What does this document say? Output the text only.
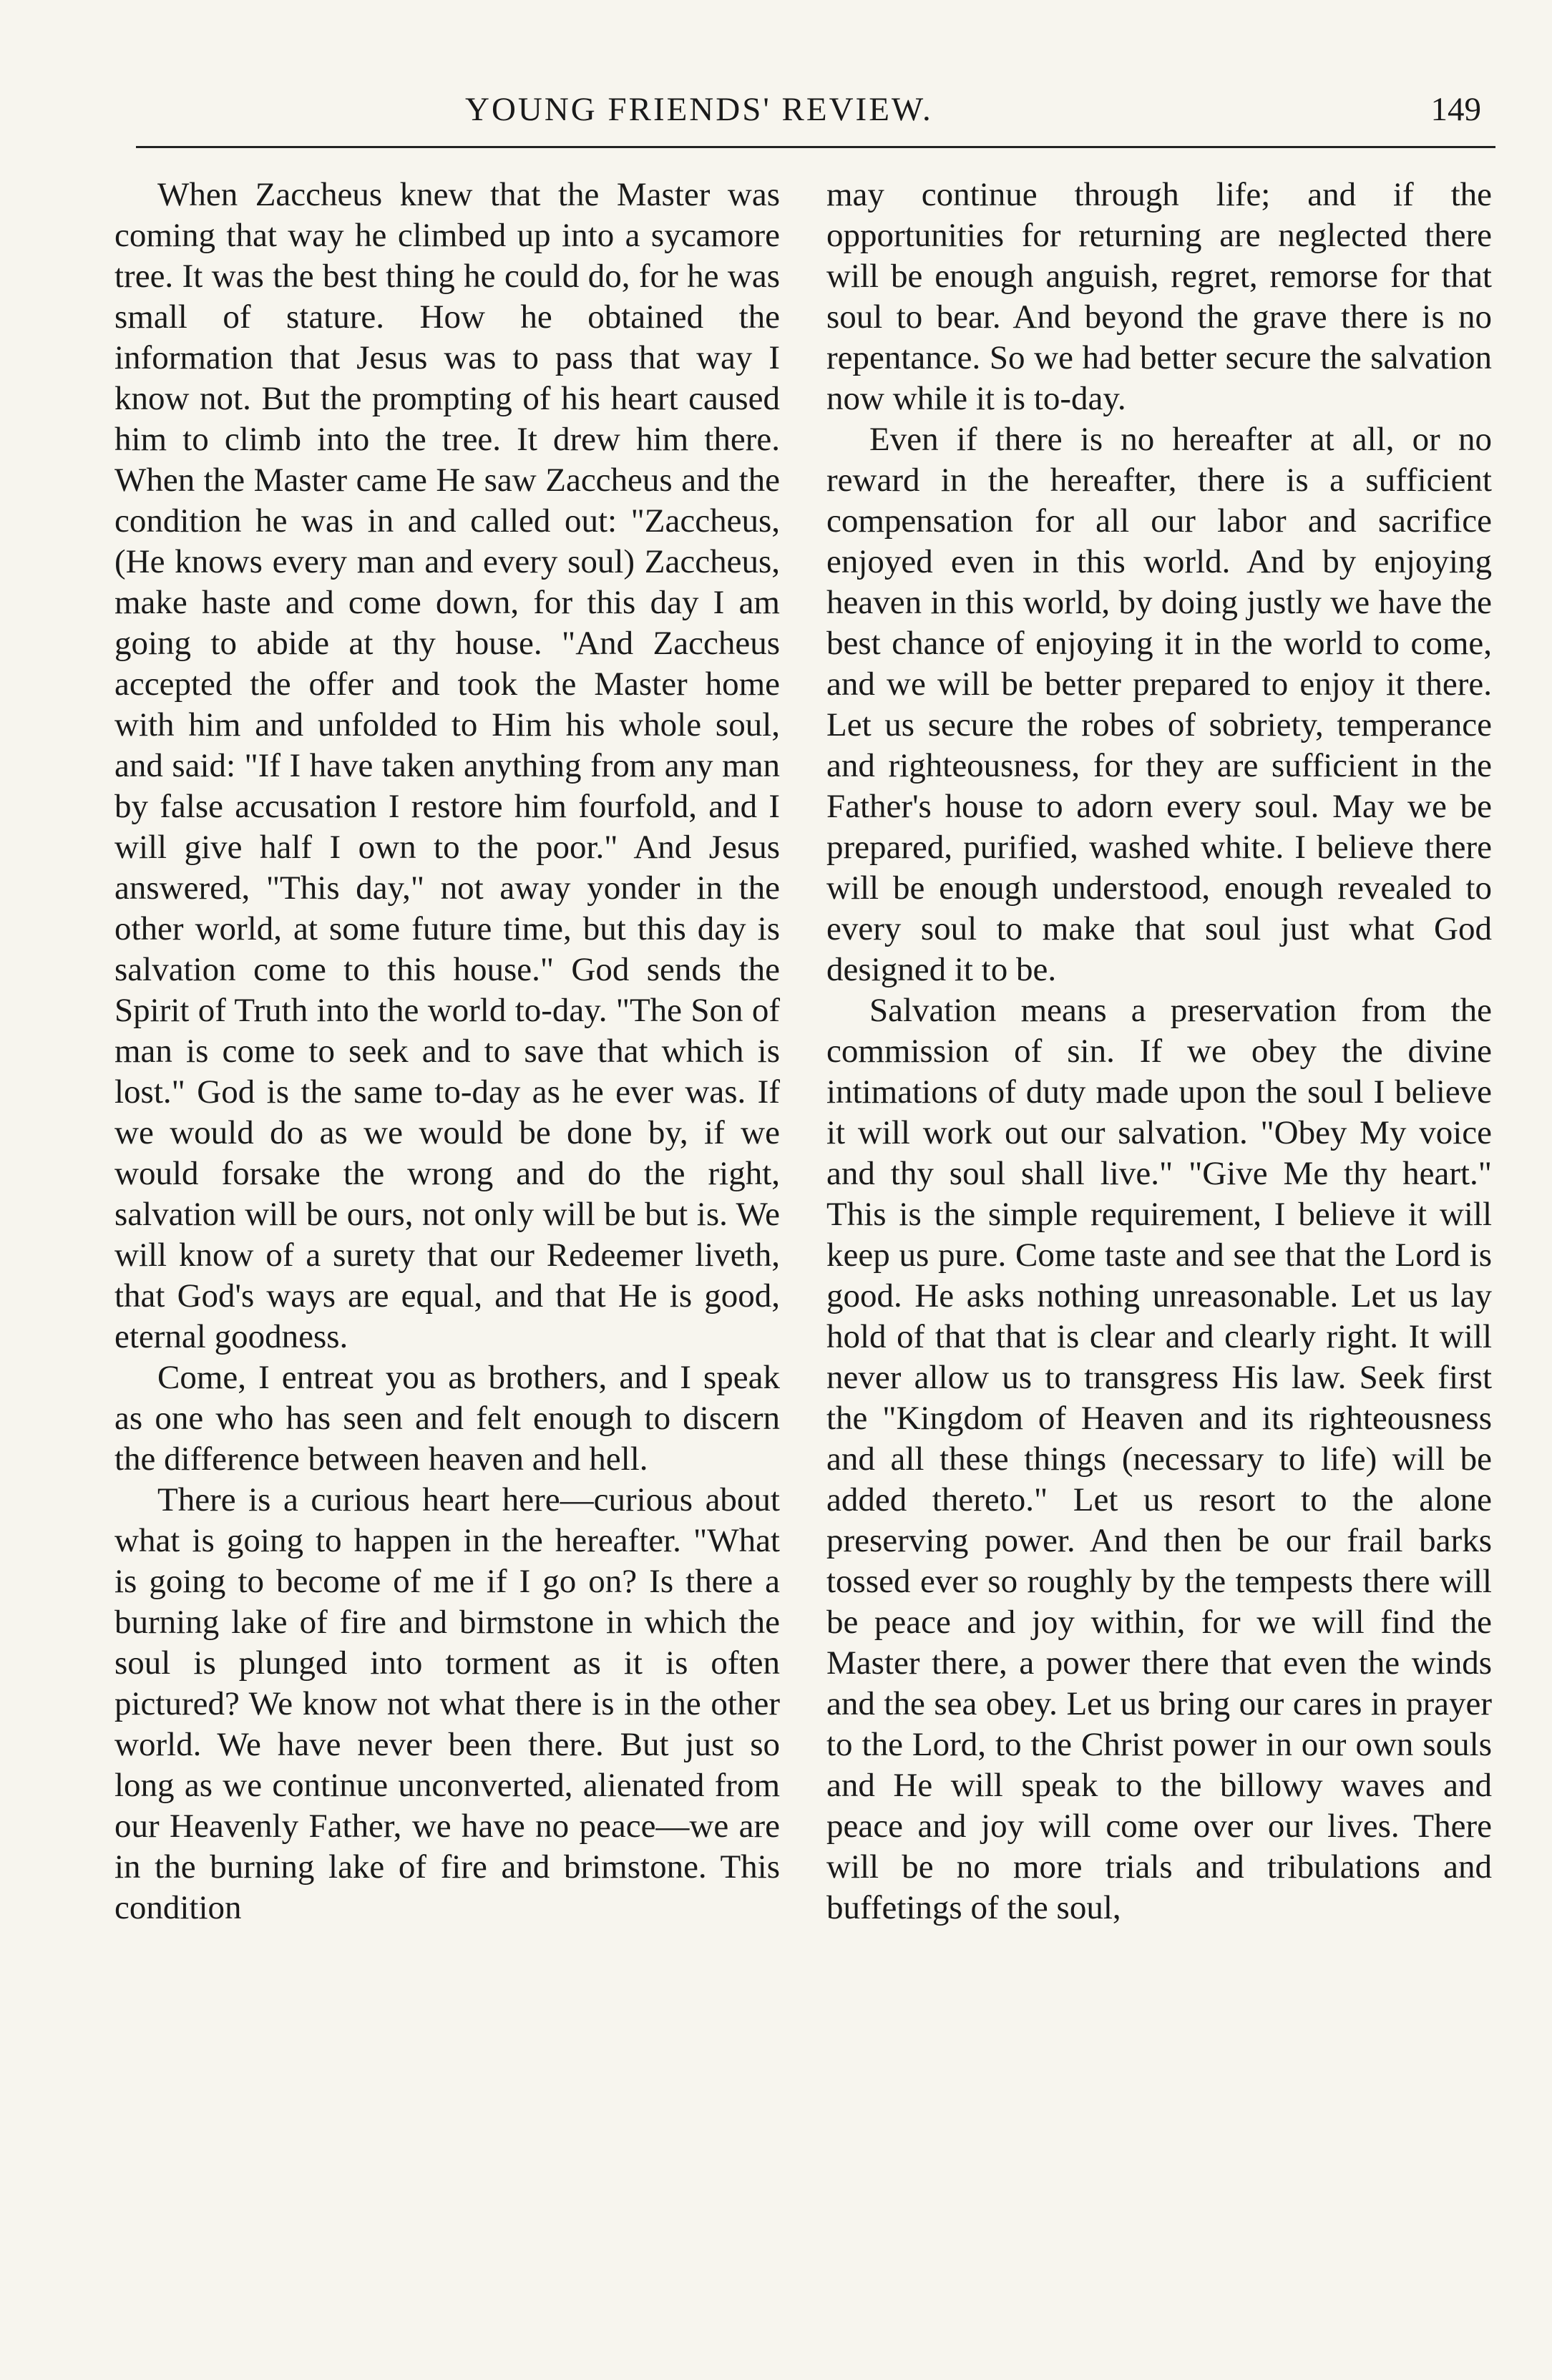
YOUNG FRIENDS' REVIEW.	149

When Zaccheus knew that the Master was coming that way he climbed up into a sycamore tree. It was the best thing he could do, for he was small of stature. How he obtained the information that Jesus was to pass that way I know not. But the prompting of his heart caused him to climb into the tree. It drew him there. When the Master came He saw Zaccheus and the condition he was in and called out: "Zaccheus, (He knows every man and every soul) Zaccheus, make haste and come down, for this day I am going to abide at thy house. "And Zaccheus accepted the offer and took the Master home with him and unfolded to Him his whole soul, and said: "If I have taken anything from any man by false accusation I restore him fourfold, and I will give half I own to the poor." And Jesus answered, "This day," not away yonder in the other world, at some future time, but this day is salvation come to this house." God sends the Spirit of Truth into the world to-day. "The Son of man is come to seek and to save that which is lost." God is the same to-day as he ever was. If we would do as we would be done by, if we would forsake the wrong and do the right, salvation will be ours, not only will be but is. We will know of a surety that our Redeemer liveth, that God's ways are equal, and that He is good, eternal goodness.

Come, I entreat you as brothers, and I speak as one who has seen and felt enough to discern the difference between heaven and hell.

There is a curious heart here—curious about what is going to happen in the hereafter. "What is going to become of me if I go on? Is there a burning lake of fire and birmstone in which the soul is plunged into torment as it is often pictured? We know not what there is in the other world. We have never been there. But just so long as we continue unconverted, alienated from our Heavenly Father, we have no peace—we are in the burning lake of fire and brimstone. This condition

may continue through life; and if the opportunities for returning are neglected there will be enough anguish, regret, remorse for that soul to bear. And beyond the grave there is no repentance. So we had better secure the salvation now while it is to-day.

Even if there is no hereafter at all, or no reward in the hereafter, there is a sufficient compensation for all our labor and sacrifice enjoyed even in this world. And by enjoying heaven in this world, by doing justly we have the best chance of enjoying it in the world to come, and we will be better prepared to enjoy it there. Let us secure the robes of sobriety, temperance and righteousness, for they are sufficient in the Father's house to adorn every soul. May we be prepared, purified, washed white. I believe there will be enough understood, enough revealed to every soul to make that soul just what God designed it to be.

Salvation means a preservation from the commission of sin. If we obey the divine intimations of duty made upon the soul I believe it will work out our salvation. "Obey My voice and thy soul shall live." "Give Me thy heart." This is the simple requirement, I believe it will keep us pure. Come taste and see that the Lord is good. He asks nothing unreasonable. Let us lay hold of that that is clear and clearly right. It will never allow us to transgress His law. Seek first the "Kingdom of Heaven and its righteousness and all these things (necessary to life) will be added thereto." Let us resort to the alone preserving power. And then be our frail barks tossed ever so roughly by the tempests there will be peace and joy within, for we will find the Master there, a power there that even the winds and the sea obey. Let us bring our cares in prayer to the Lord, to the Christ power in our own souls and He will speak to the billowy waves and peace and joy will come over our lives. There will be no more trials and tribulations and buffetings of the soul,
